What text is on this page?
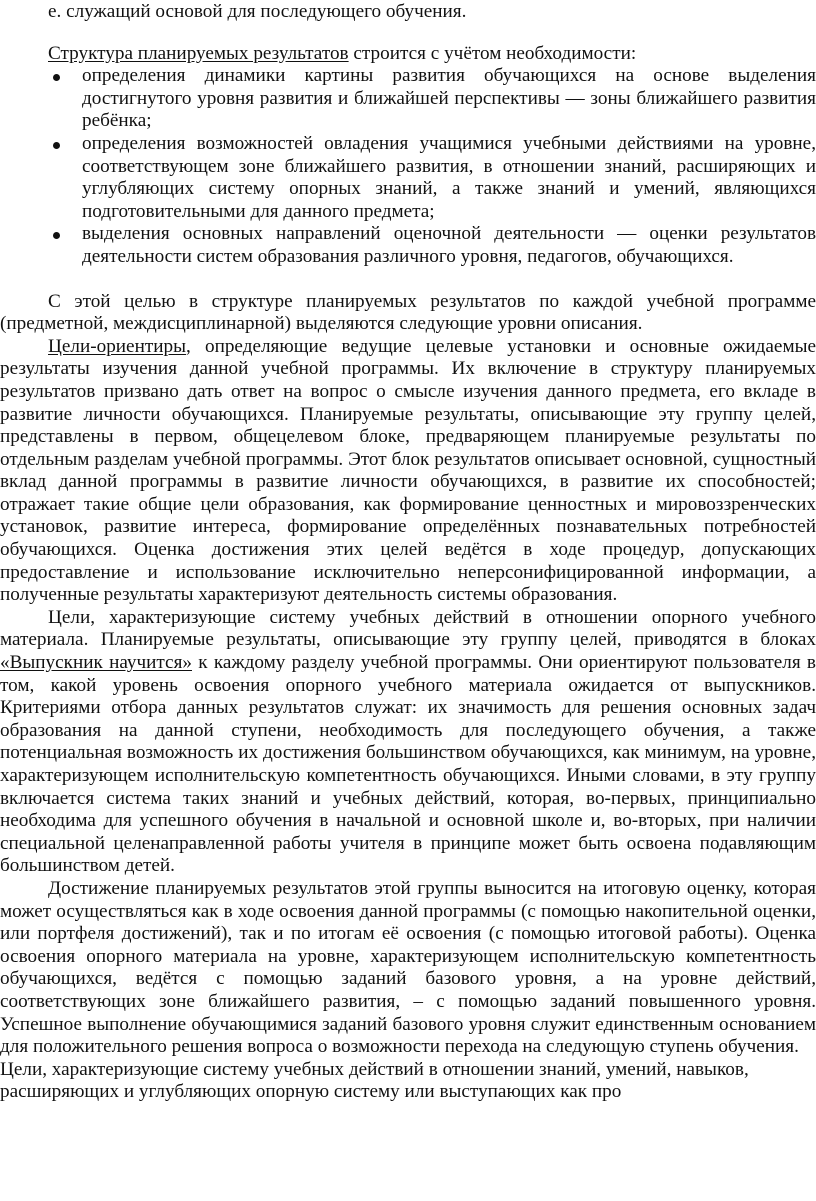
е. служащий основой для последующего обучения.

Структура планируемых результатов строится с учётом необходимости:

определения динамики картины развития обучающихся на основе выделения достигнутого уровня развития и ближайшей перспективы — зоны ближайшего развития ребёнка;
определения возможностей овладения учащимися учебными действиями на уровне, соответствующем зоне ближайшего развития, в отношении знаний, расширяющих и углубляющих систему опорных знаний, а также знаний и умений, являющихся подготовительными для данного предмета;
выделения основных направлений оценочной деятельности — оценки результатов деятельности систем образования различного уровня, педагогов, обучающихся.

С этой целью в структуре планируемых результатов по каждой учебной программе (предметной, междисциплинарной) выделяются следующие уровни описания.

Цели-ориентиры, определяющие ведущие целевые установки и основные ожидаемые результаты изучения данной учебной программы. Их включение в структуру планируемых результатов призвано дать ответ на вопрос о смысле изучения данного предмета, его вкладе в развитие личности обучающихся. Планируемые результаты, описывающие эту группу целей, представлены в первом, общецелевом блоке, предваряющем планируемые результаты по отдельным разделам учебной программы. Этот блок результатов описывает основной, сущностный вклад данной программы в развитие личности обучающихся, в развитие их способностей; отражает такие общие цели образования, как формирование ценностных и мировоззренческих установок, развитие интереса, формирование определённых познавательных потребностей обучающихся. Оценка достижения этих целей ведётся в ходе процедур, допускающих предоставление и использование исключительно неперсонифицированной информации, а полученные результаты характеризуют деятельность системы образования.

Цели, характеризующие систему учебных действий в отношении опорного учебного материала. Планируемые результаты, описывающие эту группу целей, приводятся в блоках «Выпускник научится» к каждому разделу учебной программы. Они ориентируют пользователя в том, какой уровень освоения опорного учебного материала ожидается от выпускников. Критериями отбора данных результатов служат: их значимость для решения основных задач образования на данной ступени, необходимость для последующего обучения, а также потенциальная возможность их достижения большинством обучающихся, как минимум, на уровне, характеризующем исполнительскую компетентность обучающихся. Иными словами, в эту группу включается система таких знаний и учебных действий, которая, во-первых, принципиально необходима для успешного обучения в начальной и основной школе и, во-вторых, при наличии специальной целенаправленной работы учителя в принципе может быть освоена подавляющим большинством детей.

Достижение планируемых результатов этой группы выносится на итоговую оценку, которая может осуществляться как в ходе освоения данной программы (с помощью накопительной оценки, или портфеля достижений), так и по итогам её освоения (с помощью итоговой работы). Оценка освоения опорного материала на уровне, характеризующем исполнительскую компетентность обучающихся, ведётся с помощью заданий базового уровня, а на уровне действий, соответствующих зоне ближайшего развития, – с помощью заданий повышенного уровня. Успешное выполнение обучающимися заданий базового уровня служит единственным основанием для положительного решения вопроса о возможности перехода на следующую ступень обучения.

Цели, характеризующие систему учебных действий в отношении знаний, умений, навыков, расширяющих и углубляющих опорную систему или выступающих как про
